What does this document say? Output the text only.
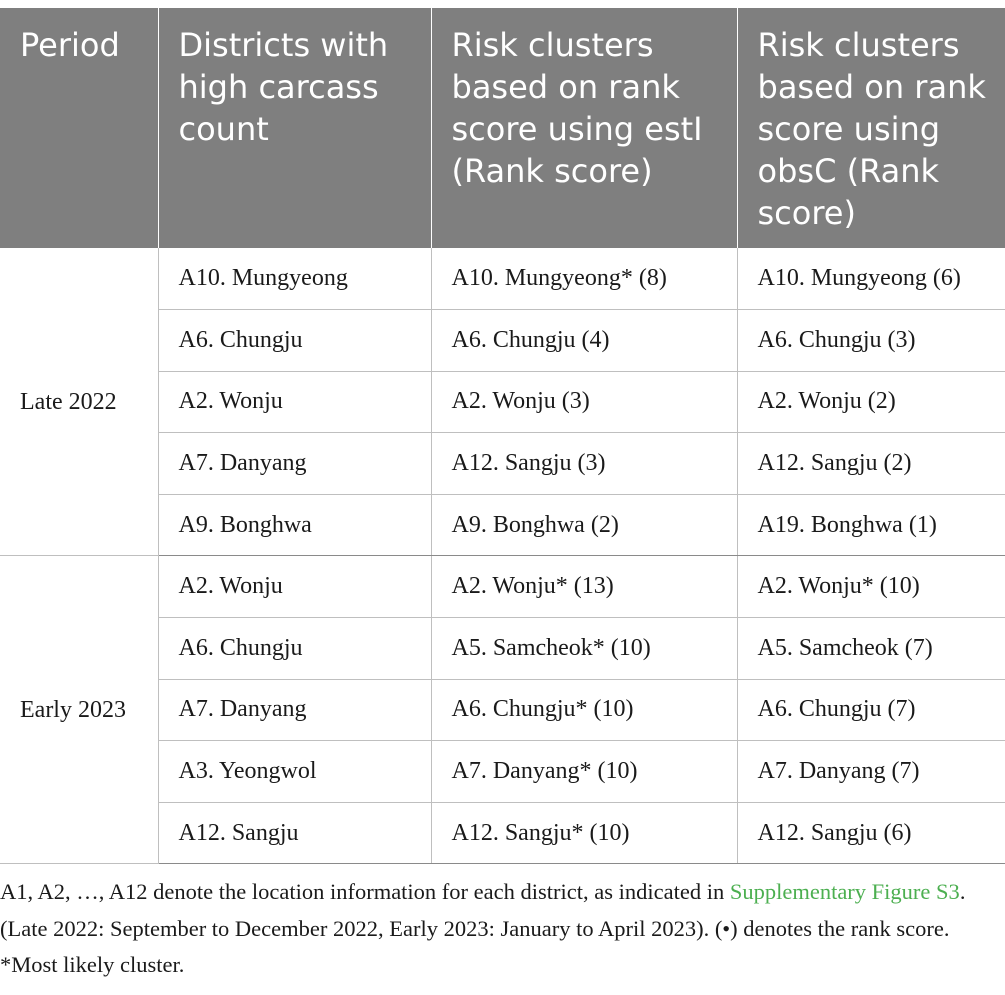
Period	Districts with high carcass count	Risk clusters based on rank score using estI (Rank score)	Risk clusters based on rank score using obsC (Rank score)
Late 2022	A10. Mungyeong	A10. Mungyeong* (8)	A10. Mungyeong (6)
	A6. Chungju	A6. Chungju (4)	A6. Chungju (3)
	A2. Wonju	A2. Wonju (3)	A2. Wonju (2)
	A7. Danyang	A12. Sangju (3)	A12. Sangju (2)
	A9. Bonghwa	A9. Bonghwa (2)	A19. Bonghwa (1)
Early 2023	A2. Wonju	A2. Wonju* (13)	A2. Wonju* (10)
	A6. Chungju	A5. Samcheok* (10)	A5. Samcheok (7)
	A7. Danyang	A6. Chungju* (10)	A6. Chungju (7)
	A3. Yeongwol	A7. Danyang* (10)	A7. Danyang (7)
	A12. Sangju	A12. Sangju* (10)	A12. Sangju (6)
A1, A2, …, A12 denote the location information for each district, as indicated in Supplementary Figure S3. (Late 2022: September to December 2022, Early 2023: January to April 2023). (•) denotes the rank score. *Most likely cluster.
